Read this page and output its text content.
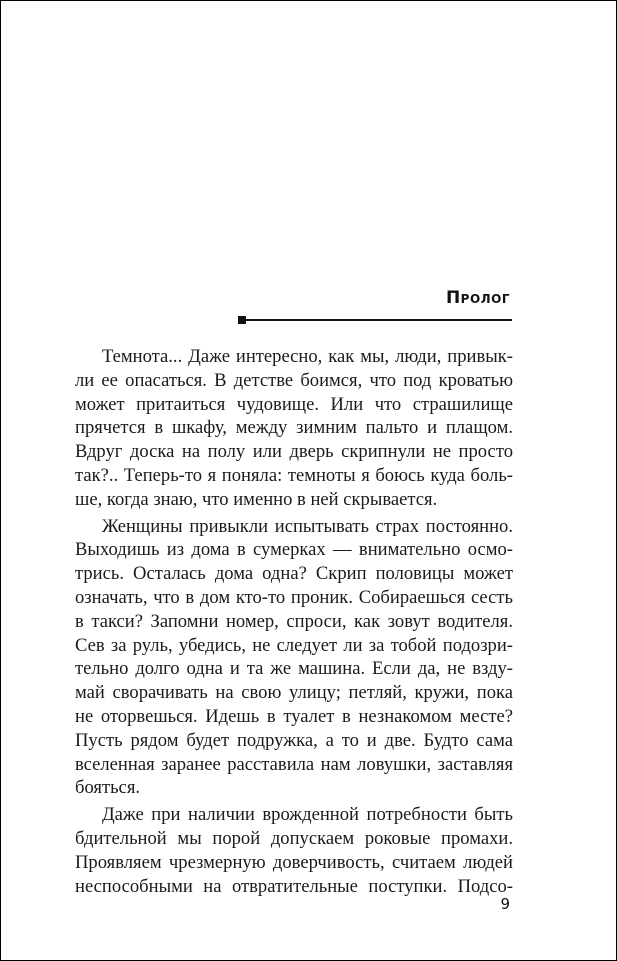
Пролог
Темнота... Даже интересно, как мы, люди, привык-
ли ее опасаться. В детстве боимся, что под кроватью
может притаиться чудовище. Или что страшилище
прячется в шкафу, между зимним пальто и плащом.
Вдруг доска на полу или дверь скрипнули не просто
так?.. Теперь-то я поняла: темноты я боюсь куда боль-
ше, когда знаю, что именно в ней скрывается.
Женщины привыкли испытывать страх постоянно.
Выходишь из дома в сумерках — внимательно осмо-
трись. Осталась дома одна? Скрип половицы может
означать, что в дом кто-то проник. Собираешься сесть
в такси? Запомни номер, спроси, как зовут водителя.
Сев за руль, убедись, не следует ли за тобой подозри-
тельно долго одна и та же машина. Если да, не взду-
май сворачивать на свою улицу; петляй, кружи, пока
не оторвешься. Идешь в туалет в незнакомом месте?
Пусть рядом будет подружка, а то и две. Будто сама
вселенная заранее расставила нам ловушки, заставляя
бояться.
Даже при наличии врожденной потребности быть
бдительной мы порой допускаем роковые промахи.
Проявляем чрезмерную доверчивость, считаем людей
неспособными на отвратительные поступки. Подсо-
9
